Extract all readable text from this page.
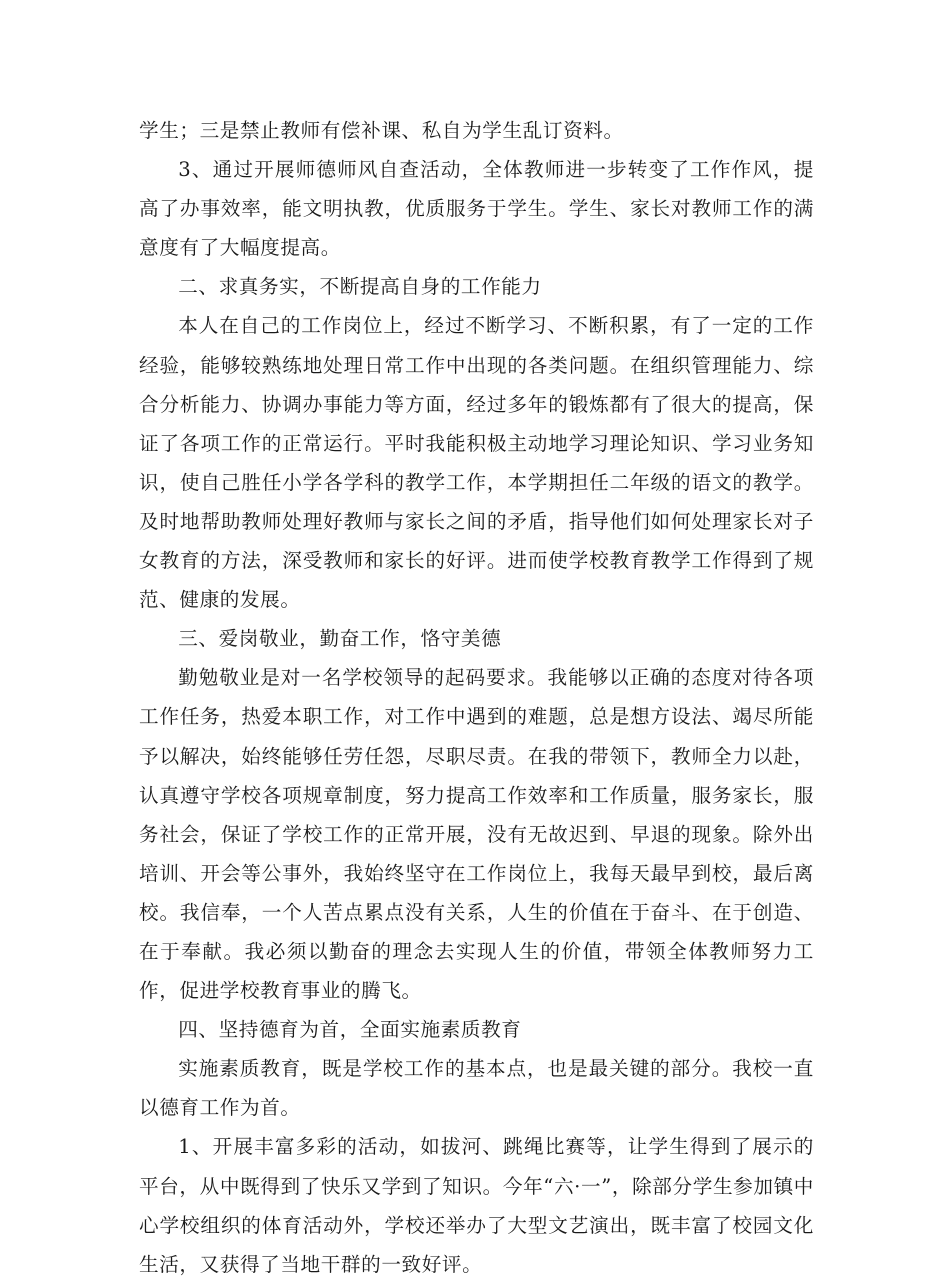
学生；三是禁止教师有偿补课、私自为学生乱订资料。

3、通过开展师德师风自查活动，全体教师进一步转变了工作作风，提高了办事效率，能文明执教，优质服务于学生。学生、家长对教师工作的满意度有了大幅度提高。

二、求真务实，不断提高自身的工作能力

本人在自己的工作岗位上，经过不断学习、不断积累，有了一定的工作经验，能够较熟练地处理日常工作中出现的各类问题。在组织管理能力、综合分析能力、协调办事能力等方面，经过多年的锻炼都有了很大的提高，保证了各项工作的正常运行。平时我能积极主动地学习理论知识、学习业务知识，使自己胜任小学各学科的教学工作，本学期担任二年级的语文的教学。及时地帮助教师处理好教师与家长之间的矛盾，指导他们如何处理家长对子女教育的方法，深受教师和家长的好评。进而使学校教育教学工作得到了规范、健康的发展。

三、爱岗敬业，勤奋工作，恪守美德

勤勉敬业是对一名学校领导的起码要求。我能够以正确的态度对待各项工作任务，热爱本职工作，对工作中遇到的难题，总是想方设法、竭尽所能予以解决，始终能够任劳任怨，尽职尽责。在我的带领下，教师全力以赴，认真遵守学校各项规章制度，努力提高工作效率和工作质量，服务家长，服务社会，保证了学校工作的正常开展，没有无故迟到、早退的现象。除外出培训、开会等公事外，我始终坚守在工作岗位上，我每天最早到校，最后离校。我信奉，一个人苦点累点没有关系，人生的价值在于奋斗、在于创造、在于奉献。我必须以勤奋的理念去实现人生的价值，带领全体教师努力工作，促进学校教育事业的腾飞。

四、坚持德育为首，全面实施素质教育

实施素质教育，既是学校工作的基本点，也是最关键的部分。我校一直以德育工作为首。

1、开展丰富多彩的活动，如拔河、跳绳比赛等，让学生得到了展示的平台，从中既得到了快乐又学到了知识。今年“六·一”，除部分学生参加镇中心学校组织的体育活动外，学校还举办了大型文艺演出，既丰富了校园文化生活，又获得了当地干群的一致好评。
